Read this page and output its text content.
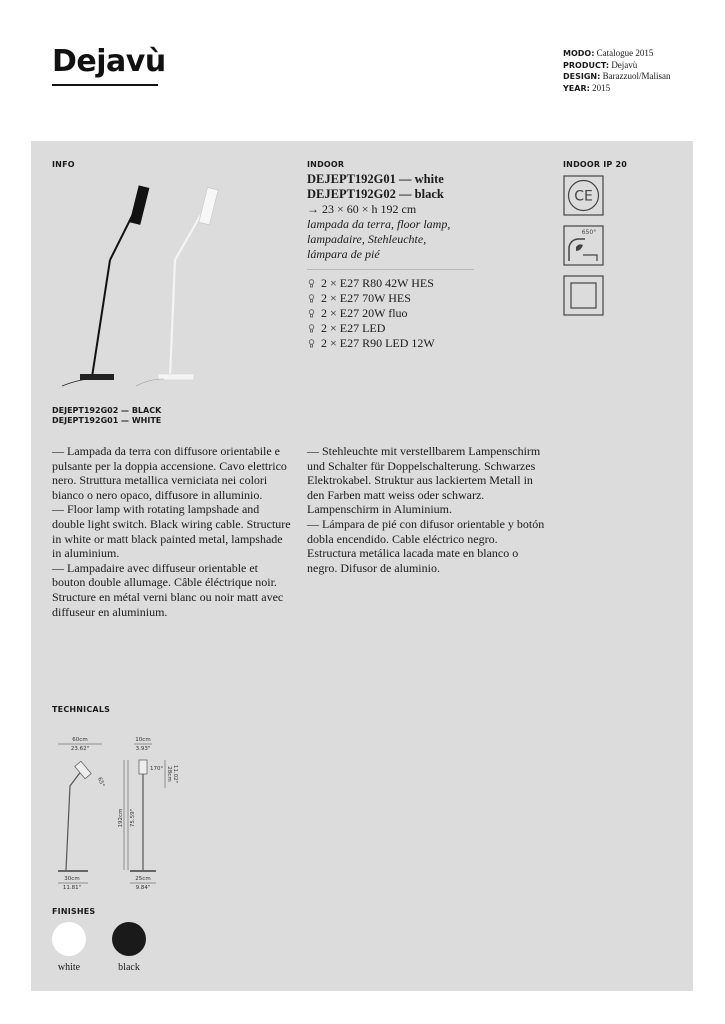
Dejavù	MODO: Catalogue 2015
PRODUCT: Dejavù
DESIGN: Barazzuol/Malisan
YEAR: 2015
INFO	INDOOR	INDOOR IP 20
DEJEPT192G01 — white
DEJEPT192G02 — black
→ 23 × 60 × h 192 cm
lampada da terra, floor lamp,
lampadaire, Stehleuchte,
lámpara de pié
2 × E27 R80 42W HES
2 × E27 70W HES
2 × E27 20W fluo
2 × E27 LED
2 × E27 R90 LED 12W
CE
650°
DEJEPT192G02 — BLACK
DEJEPT192G01 — WHITE

— Lampada da terra con diffusore orientabile e pulsante per la doppia accensione. Cavo elettrico nero. Struttura metallica verniciata nei colori bianco o nero opaco, diffusore in alluminio.

— Floor lamp with rotating lampshade and double light switch. Black wiring cable. Structure in white or matt black painted metal, lampshade in aluminium.

— Lampadaire avec diffuseur orientable et bouton double allumage. Câble éléctrique noir. Structure en métal verni blanc ou noir matt avec diffuseur en aluminium.

— Stehleuchte mit verstellbarem Lampenschirm und Schalter für Doppelschalterung. Schwarzes Elektrokabel. Struktur aus lackiertem Metall in den Farben matt weiss oder schwarz. Lampenschirm in Aluminium.

— Lámpara de pié con difusor orientable y botón dobla encendido. Cable eléctrico negro. Estructura metálica lacada mate en blanco o negro. Difusor de aluminio.

TECHNICALS
60cm
23.62"
10cm
3.93"
65°
170° 28cm 11.02"
192cm 75.59"
30cm
11.81"
25cm
9.84"
FINISHES
white	black
